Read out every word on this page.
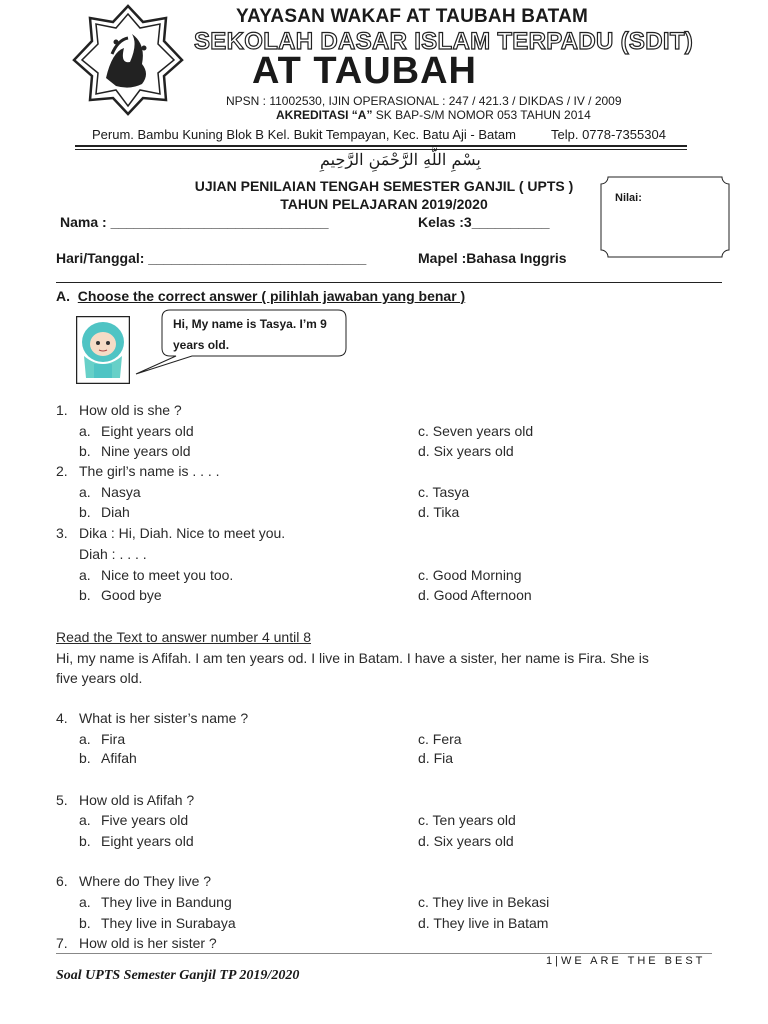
YAYASAN WAKAF AT TAUBAH BATAM
SEKOLAH DASAR ISLAM TERPADU (SDIT)
AT TAUBAH
NPSN : 11002530, IJIN OPERASIONAL : 247 / 421.3 / DIKDAS / IV / 2009
AKREDITASI “A” SK BAP-S/M NOMOR 053 TAHUN 2014
Perum. Bambu Kuning Blok B Kel. Bukit Tempayan, Kec. Batu Aji - Batam	Telp. 0778-7355304
بِسْمِ اللَّهِ الرَّحْمَنِ الرَّحِيمِ
UJIAN PENILAIAN TENGAH SEMESTER GANJIL ( UPTS )
TAHUN PELAJARAN 2019/2020	Nilai:
Nama : ____________________________
Hari/Tanggal: ____________________________
Kelas :3__________
Mapel :Bahasa Inggris
A. Choose the correct answer ( pilihlah jawaban yang benar )
Hi, My name is Tasya. I’m 9 years old.
1. How old is she ?
a. Eight years old
b. Nine years old
c. Seven years old
d. Six years old
2. The girl’s name is . . . .
a. Nasya
b. Diah
c. Tasya
d. Tika
3. Dika : Hi, Diah. Nice to meet you.
Diah : . . . .
a. Nice to meet you too.
b. Good bye
c. Good Morning
d. Good Afternoon
Read the Text to answer number 4 until 8
Hi, my name is Afifah. I am ten years od. I live in Batam. I have a sister, her name is Fira. She is
five years old.
4. What is her sister’s name ?
a. Fira
b. Afifah
c. Fera
d. Fia
5. How old is Afifah ?
a. Five years old
b. Eight years old
c. Ten years old
d. Six years old
6. Where do They live ?
a. They live in Bandung
b. They live in Surabaya
c. They live in Bekasi
d. They live in Batam
7. How old is her sister ?
1|WE ARE THE BEST
Soal UPTS Semester Ganjil TP 2019/2020
